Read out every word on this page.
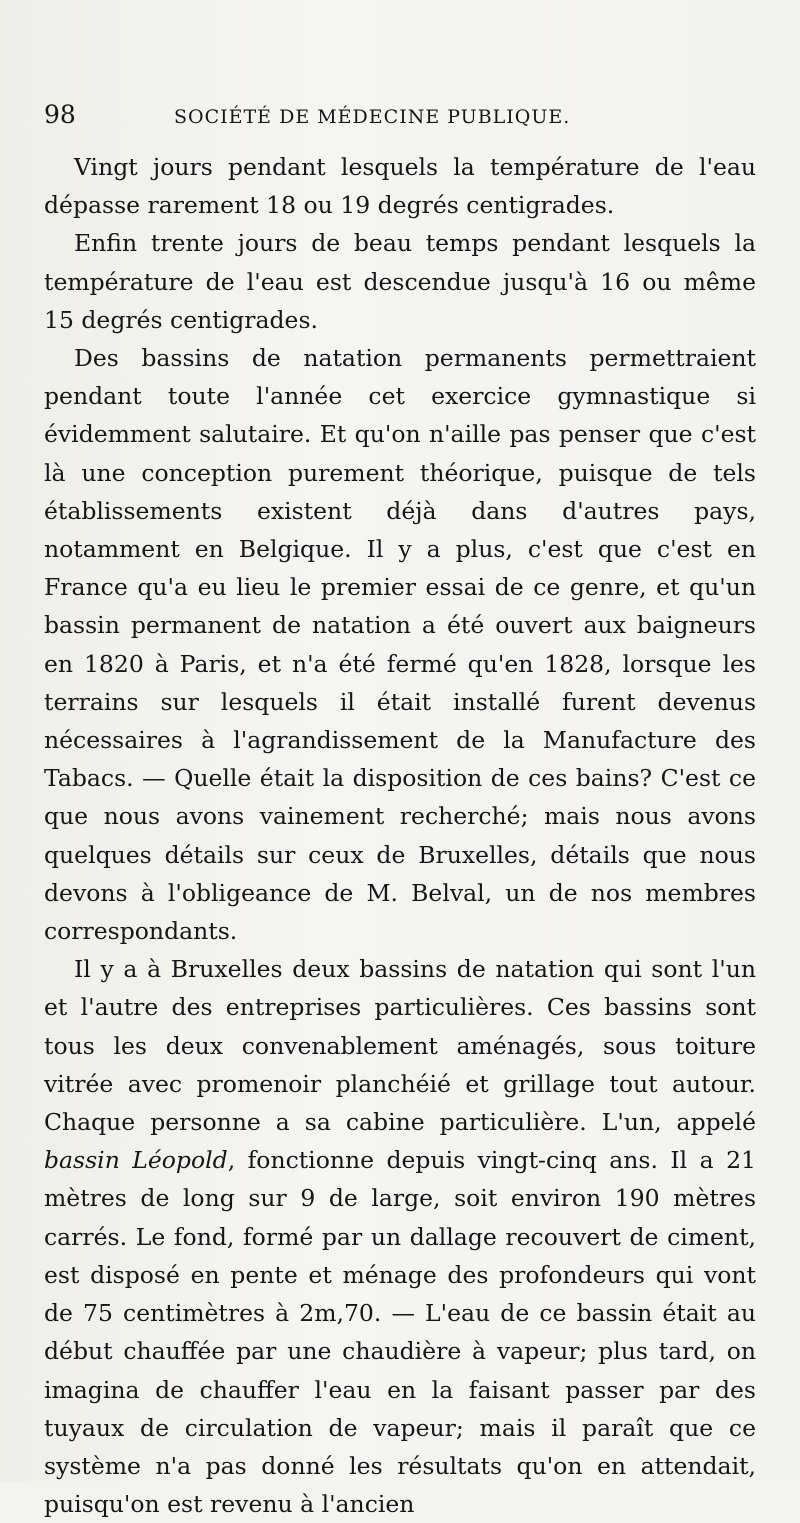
98	SOCIÉTÉ DE MÉDECINE PUBLIQUE.

Vingt jours pendant lesquels la température de l'eau dépasse rarement 18 ou 19 degrés centigrades.

Enfin trente jours de beau temps pendant lesquels la température de l'eau est descendue jusqu'à 16 ou même 15 degrés centigrades.

Des bassins de natation permanents permettraient pendant toute l'année cet exercice gymnastique si évidemment salutaire. Et qu'on n'aille pas penser que c'est là une conception purement théorique, puisque de tels établissements existent déjà dans d'autres pays, notamment en Belgique. Il y a plus, c'est que c'est en France qu'a eu lieu le premier essai de ce genre, et qu'un bassin permanent de natation a été ouvert aux baigneurs en 1820 à Paris, et n'a été fermé qu'en 1828, lorsque les terrains sur lesquels il était installé furent devenus nécessaires à l'agrandissement de la Manufacture des Tabacs. — Quelle était la disposition de ces bains? C'est ce que nous avons vainement recherché; mais nous avons quelques détails sur ceux de Bruxelles, détails que nous devons à l'obligeance de M. Belval, un de nos membres correspondants.

Il y a à Bruxelles deux bassins de natation qui sont l'un et l'autre des entreprises particulières. Ces bassins sont tous les deux convenablement aménagés, sous toiture vitrée avec promenoir planchéié et grillage tout autour. Chaque personne a sa cabine particulière. L'un, appelé bassin Léopold, fonctionne depuis vingt-cinq ans. Il a 21 mètres de long sur 9 de large, soit environ 190 mètres carrés. Le fond, formé par un dallage recouvert de ciment, est disposé en pente et ménage des profondeurs qui vont de 75 centimètres à 2m,70. — L'eau de ce bassin était au début chauffée par une chaudière à vapeur; plus tard, on imagina de chauffer l'eau en la faisant passer par des tuyaux de circulation de vapeur; mais il paraît que ce système n'a pas donné les résultats qu'on en attendait, puisqu'on est revenu à l'ancien
